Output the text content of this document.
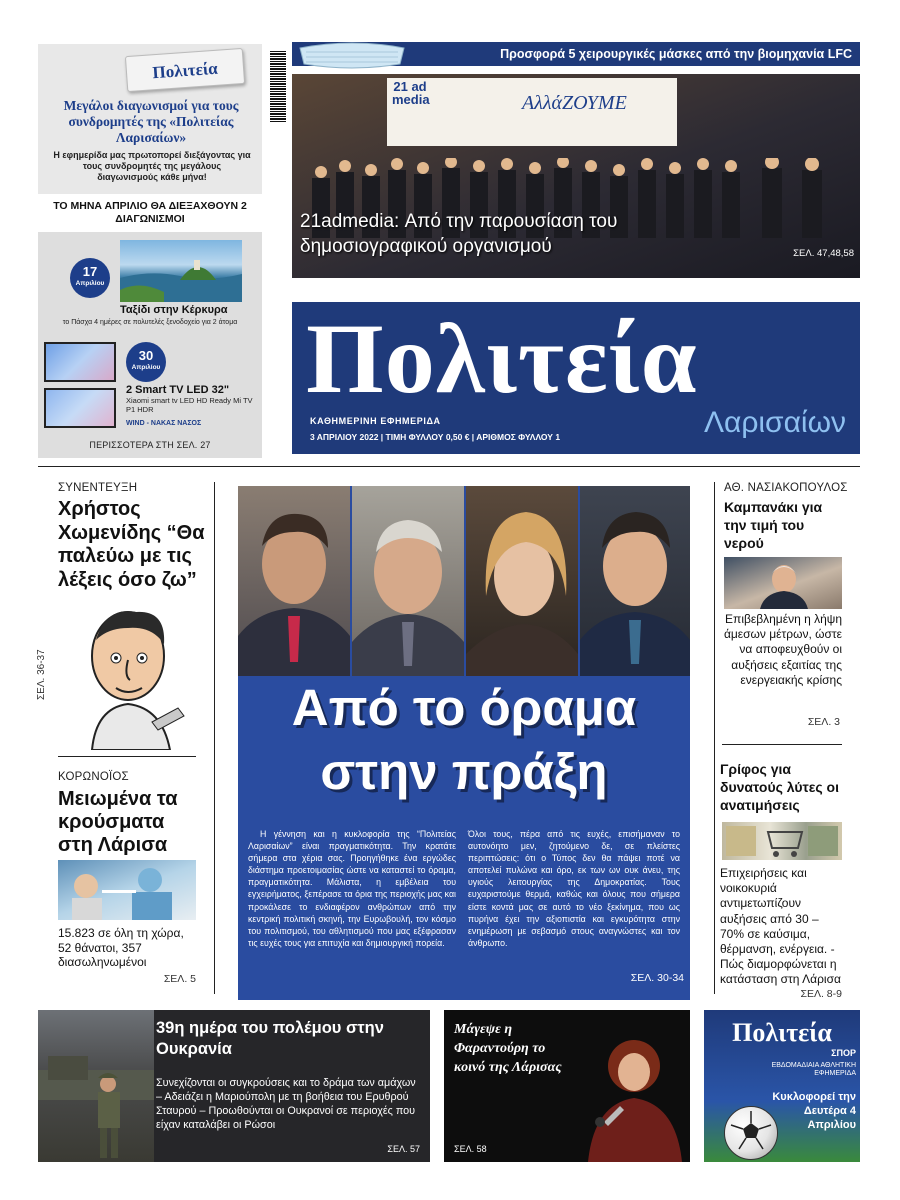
Πολιτεία
Μεγάλοι διαγωνισμοί για τους συνδρομητές της «Πολιτείας Λαρισαίων»
Η εφημερίδα μας πρωτοπορεί διεξάγοντας για τους συνδρομητές της μεγάλους διαγωνισμούς κάθε μήνα!
ΤΟ ΜΗΝΑ ΑΠΡΙΛΙΟ ΘΑ ΔΙΕΞΑΧΘΟΥΝ 2 ΔΙΑΓΩΝΙΣΜΟΙ
17
Απριλίου
Ταξίδι στην Κέρκυρα
το Πάσχα 4 ημέρες σε πολυτελές ξενοδοχείο για 2 άτομα
30
Απριλίου
2 Smart TV LED 32"
Xiaomi smart tv LED HD Ready Mi TV P1 HDR
WIND - ΝΑΚΑΣ ΝΑΣΟΣ
ΠΕΡΙΣΣΟΤΕΡΑ ΣΤΗ ΣΕΛ. 27
Προσφορά 5 χειρουργικές μάσκες από την βιομηχανία LFC
ΑλλάΖΟΥΜΕ
21 ad media
21admedia: Από την παρουσίαση του δημοσιογραφικού οργανισμού	ΣΕΛ. 47,48,58
Πολιτεία
ΚΑΘΗΜΕΡΙΝΗ ΕΦΗΜΕΡΙΔΑ
3 ΑΠΡΙΛΙΟΥ 2022 | ΤΙΜΗ ΦΥΛΛΟΥ 0,50 € | ΑΡΙΘΜΟΣ ΦΥΛΛΟΥ 1	Λαρισαίων
ΣΥΝΕΝΤΕΥΞΗ
Χρήστος Χωμενίδης “Θα παλεύω με τις λέξεις όσο ζω”
ΣΕΛ. 36-37
ΚΟΡΩΝΟΪΟΣ
Μειωμένα τα κρούσματα στη Λάρισα
15.823 σε όλη τη χώρα, 52 θάνατοι, 357 διασωληνωμένοι
ΣΕΛ. 5
Από το όραμα
στην πράξη
Η γέννηση και η κυκλοφορία της “Πολιτείας Λαρισαίων” είναι πραγματικότητα. Την κρατάτε σήμερα στα χέρια σας. Προηγήθηκε ένα εργώδες διάστημα προετοιμασίας ώστε να καταστεί το όραμα, πραγματικότητα. Μάλιστα, η εμβέλεια του εγχειρήματος, ξεπέρασε τα όρια της περιοχής μας και προκάλεσε το ενδιαφέρον ανθρώπων από την κεντρική πολιτική σκηνή, την Ευρωβουλή, τον κόσμο του πολιτισμού, του αθλητισμού που μας εξέφρασαν τις ευχές τους για επιτυχία και δημιουργική πορεία.
Όλοι τους, πέρα από τις ευχές, επισήμαναν το αυτονόητο μεν, ζητούμενο δε, σε πλείστες περιπτώσεις: ότι ο Τύπος δεν θα πάψει ποτέ να αποτελεί πυλώνα και όρο, εκ των ων ουκ άνευ, της υγιούς λειτουργίας της Δημοκρατίας. Τους ευχαριστούμε θερμά, καθώς και όλους που σήμερα είστε κοντά μας σε αυτό το νέο ξεκίνημα, που ως πυρήνα έχει την αξιοπιστία και εγκυρότητα στην ενημέρωση με σεβασμό στους αναγνώστες και τον άνθρωπο.
ΣΕΛ. 30-34
ΑΘ. ΝΑΣΙΑΚΟΠΟΥΛΟΣ
Καμπανάκι για την τιμή του νερού
Επιβεβλημένη η λήψη άμεσων μέτρων, ώστε να αποφευχθούν οι αυξήσεις εξαιτίας της ενεργειακής κρίσης
ΣΕΛ. 3
Γρίφος για δυνατούς λύτες οι ανατιμήσεις
Επιχειρήσεις και νοικοκυριά αντιμετωπίζουν αυξήσεις από 30 – 70% σε καύσιμα, θέρμανση, ενέργεια. - Πώς διαμορφώνεται η κατάσταση στη Λάρισα
ΣΕΛ. 8-9
39η ημέρα του πολέμου στην Ουκρανία
Συνεχίζονται οι συγκρούσεις και το δράμα των αμάχων – Αδειάζει η Μαριούπολη με τη βοήθεια του Ερυθρού Σταυρού – Προωθούνται οι Ουκρανοί σε περιοχές που είχαν καταλάβει οι Ρώσοι
ΣΕΛ. 57
Μάγεψε η Φαραντούρη το κοινό της Λάρισας
ΣΕΛ. 58
Πολιτεία
ΣΠΟΡ
ΕΒΔΟΜΑΔΙΑΙΑ ΑΘΛΗΤΙΚΗ ΕΦΗΜΕΡΙΔΑ
Κυκλοφορεί την Δευτέρα 4 Απριλίου
